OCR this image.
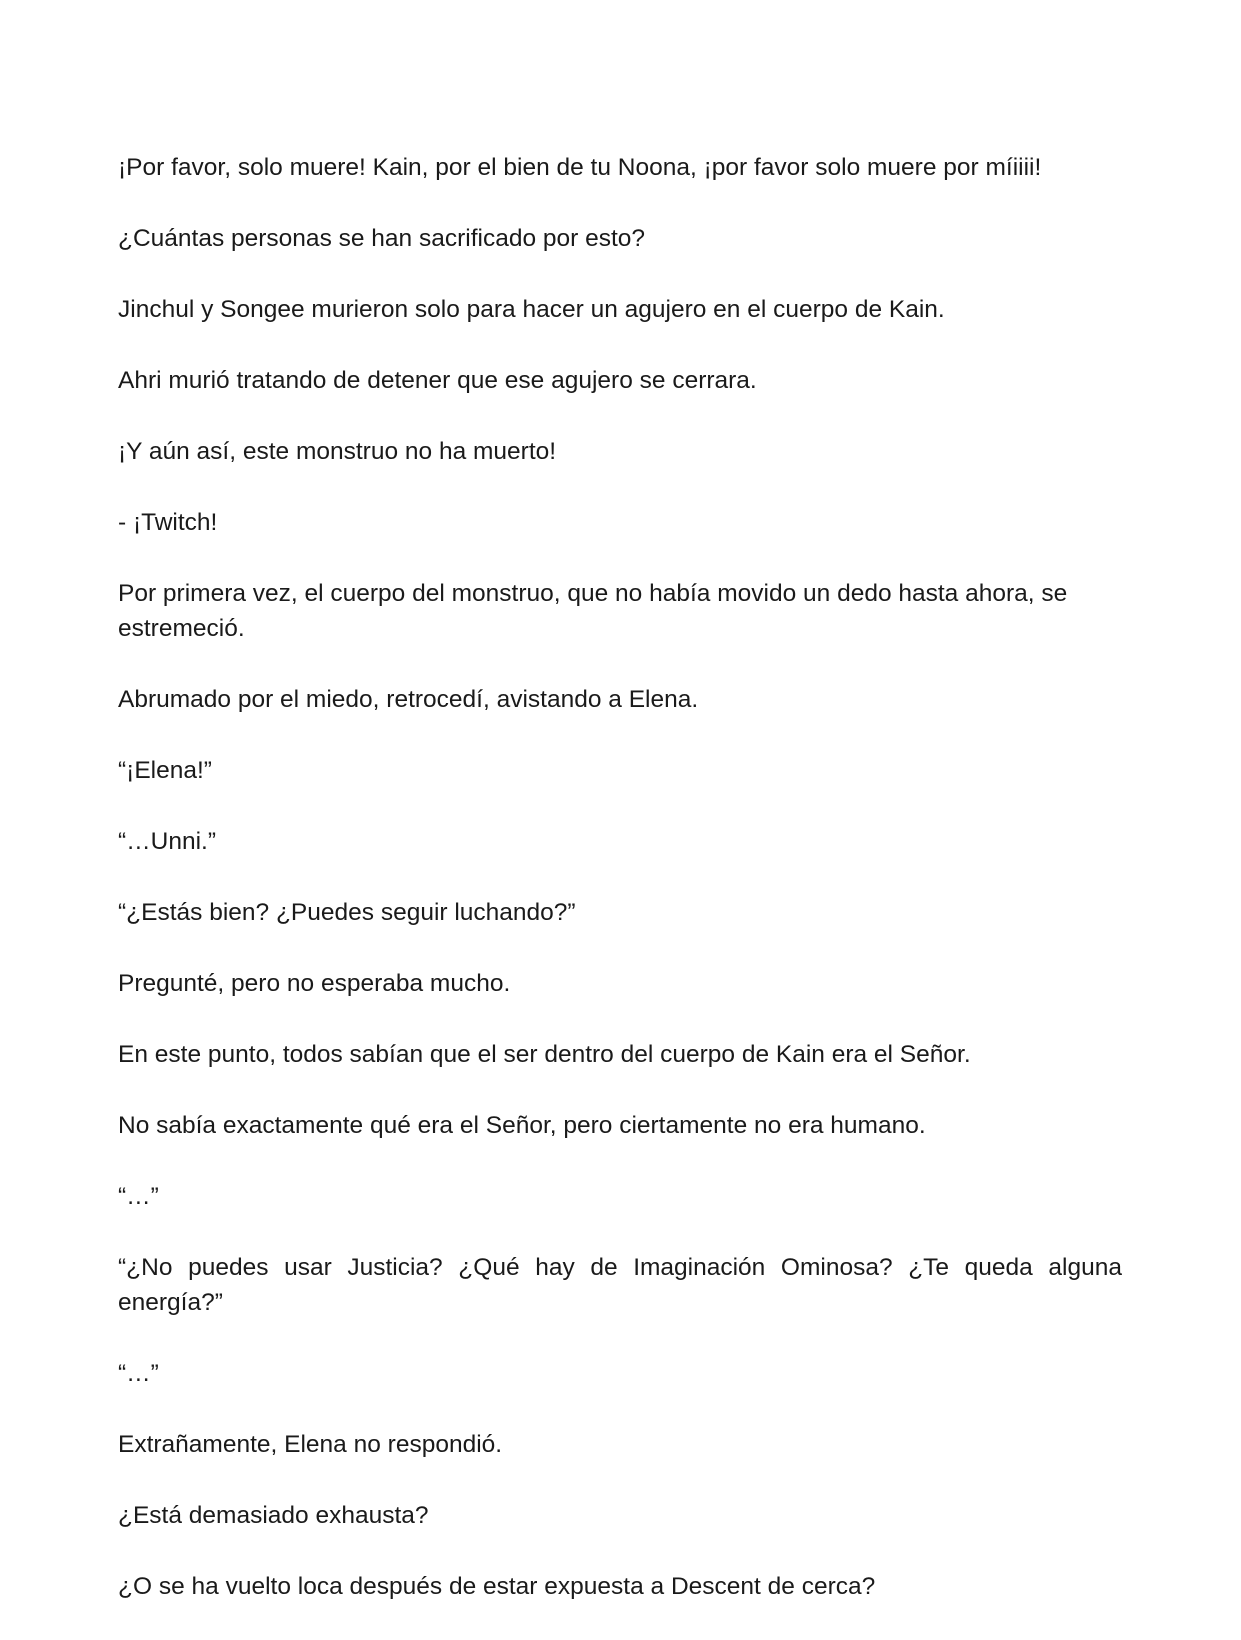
¡Por favor, solo muere! Kain, por el bien de tu Noona, ¡por favor solo muere por míiiii!

¿Cuántas personas se han sacrificado por esto?

Jinchul y Songee murieron solo para hacer un agujero en el cuerpo de Kain.

Ahri murió tratando de detener que ese agujero se cerrara.

¡Y aún así, este monstruo no ha muerto!

- ¡Twitch!

Por primera vez, el cuerpo del monstruo, que no había movido un dedo hasta ahora, se estremeció.

Abrumado por el miedo, retrocedí, avistando a Elena.

“¡Elena!”

“…Unni.”

“¿Estás bien? ¿Puedes seguir luchando?”

Pregunté, pero no esperaba mucho.

En este punto, todos sabían que el ser dentro del cuerpo de Kain era el Señor.

No sabía exactamente qué era el Señor, pero ciertamente no era humano.

“…”

“¿No puedes usar Justicia? ¿Qué hay de Imaginación Ominosa? ¿Te queda alguna energía?”

“…”

Extrañamente, Elena no respondió.

¿Está demasiado exhausta?

¿O se ha vuelto loca después de estar expuesta a Descent de cerca?
